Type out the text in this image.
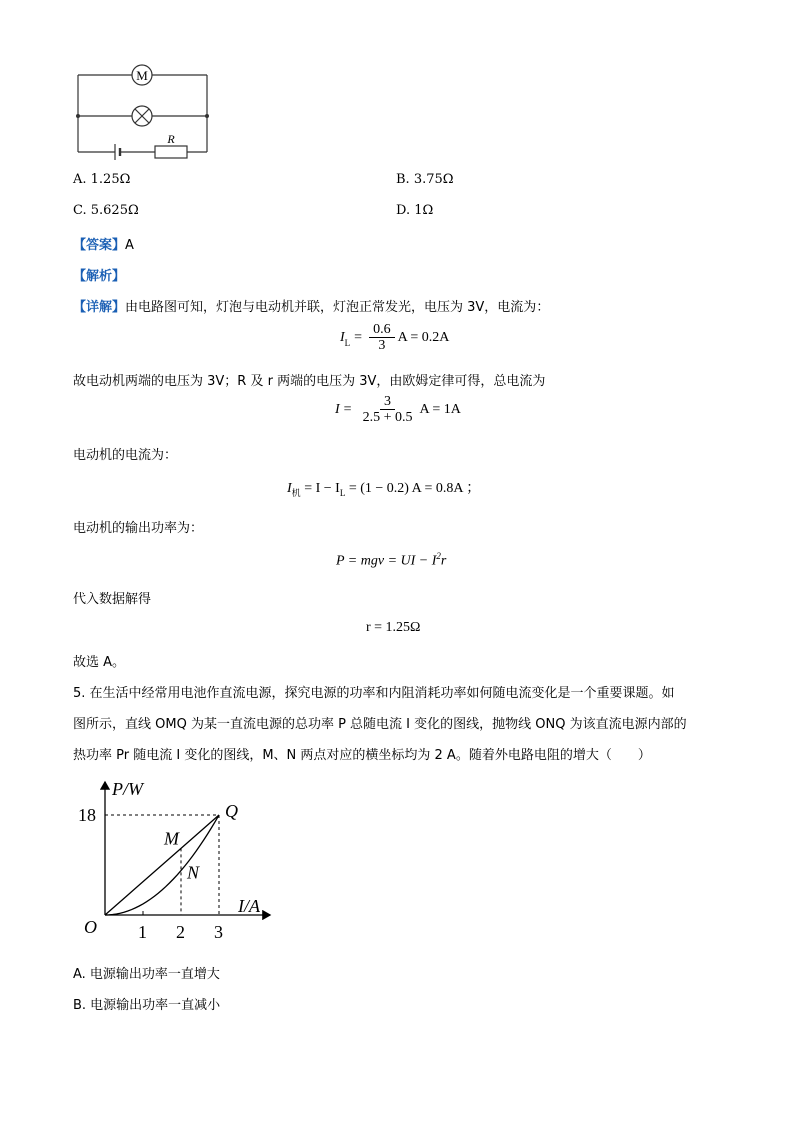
M
R
A. 1.25Ω	B. 3.75Ω
C. 5.625Ω	D. 1Ω
【答案】A
【解析】
【详解】由电路图可知，灯泡与电动机并联，灯泡正常发光，电压为 3V，电流为：
$I_L = \frac{0.6}{3}$ A = 0.2A
故电动机两端的电压为 3V；R 及 r 两端的电压为 3V，由欧姆定律可得，总电流为
$I = \frac{3}{2.5 + 0.5}$ A = 1A
电动机的电流为：
$I_机 = I - I_L = (1 - 0.2) A = 0.8A$ ；
电动机的输出功率为：
P = mgv = UI − $I^2r$
代入数据解得
r = 1.25Ω
故选 A。
5. 在生活中经常用电池作直流电源，探究电源的功率和内阻消耗功率如何随电流变化是一个重要课题。如
图所示，直线 OMQ 为某一直流电源的总功率 P 总随电流 I 变化的图线，抛物线 ONQ 为该直流电源内部的
热功率 Pr 随电流 I 变化的图线，M、N 两点对应的横坐标均为 2 A。随着外电路电阻的增大（　　）
1 2 3
18
O
P/W
I/A
M
N
Q
A. 电源输出功率一直增大
B. 电源输出功率一直减小
